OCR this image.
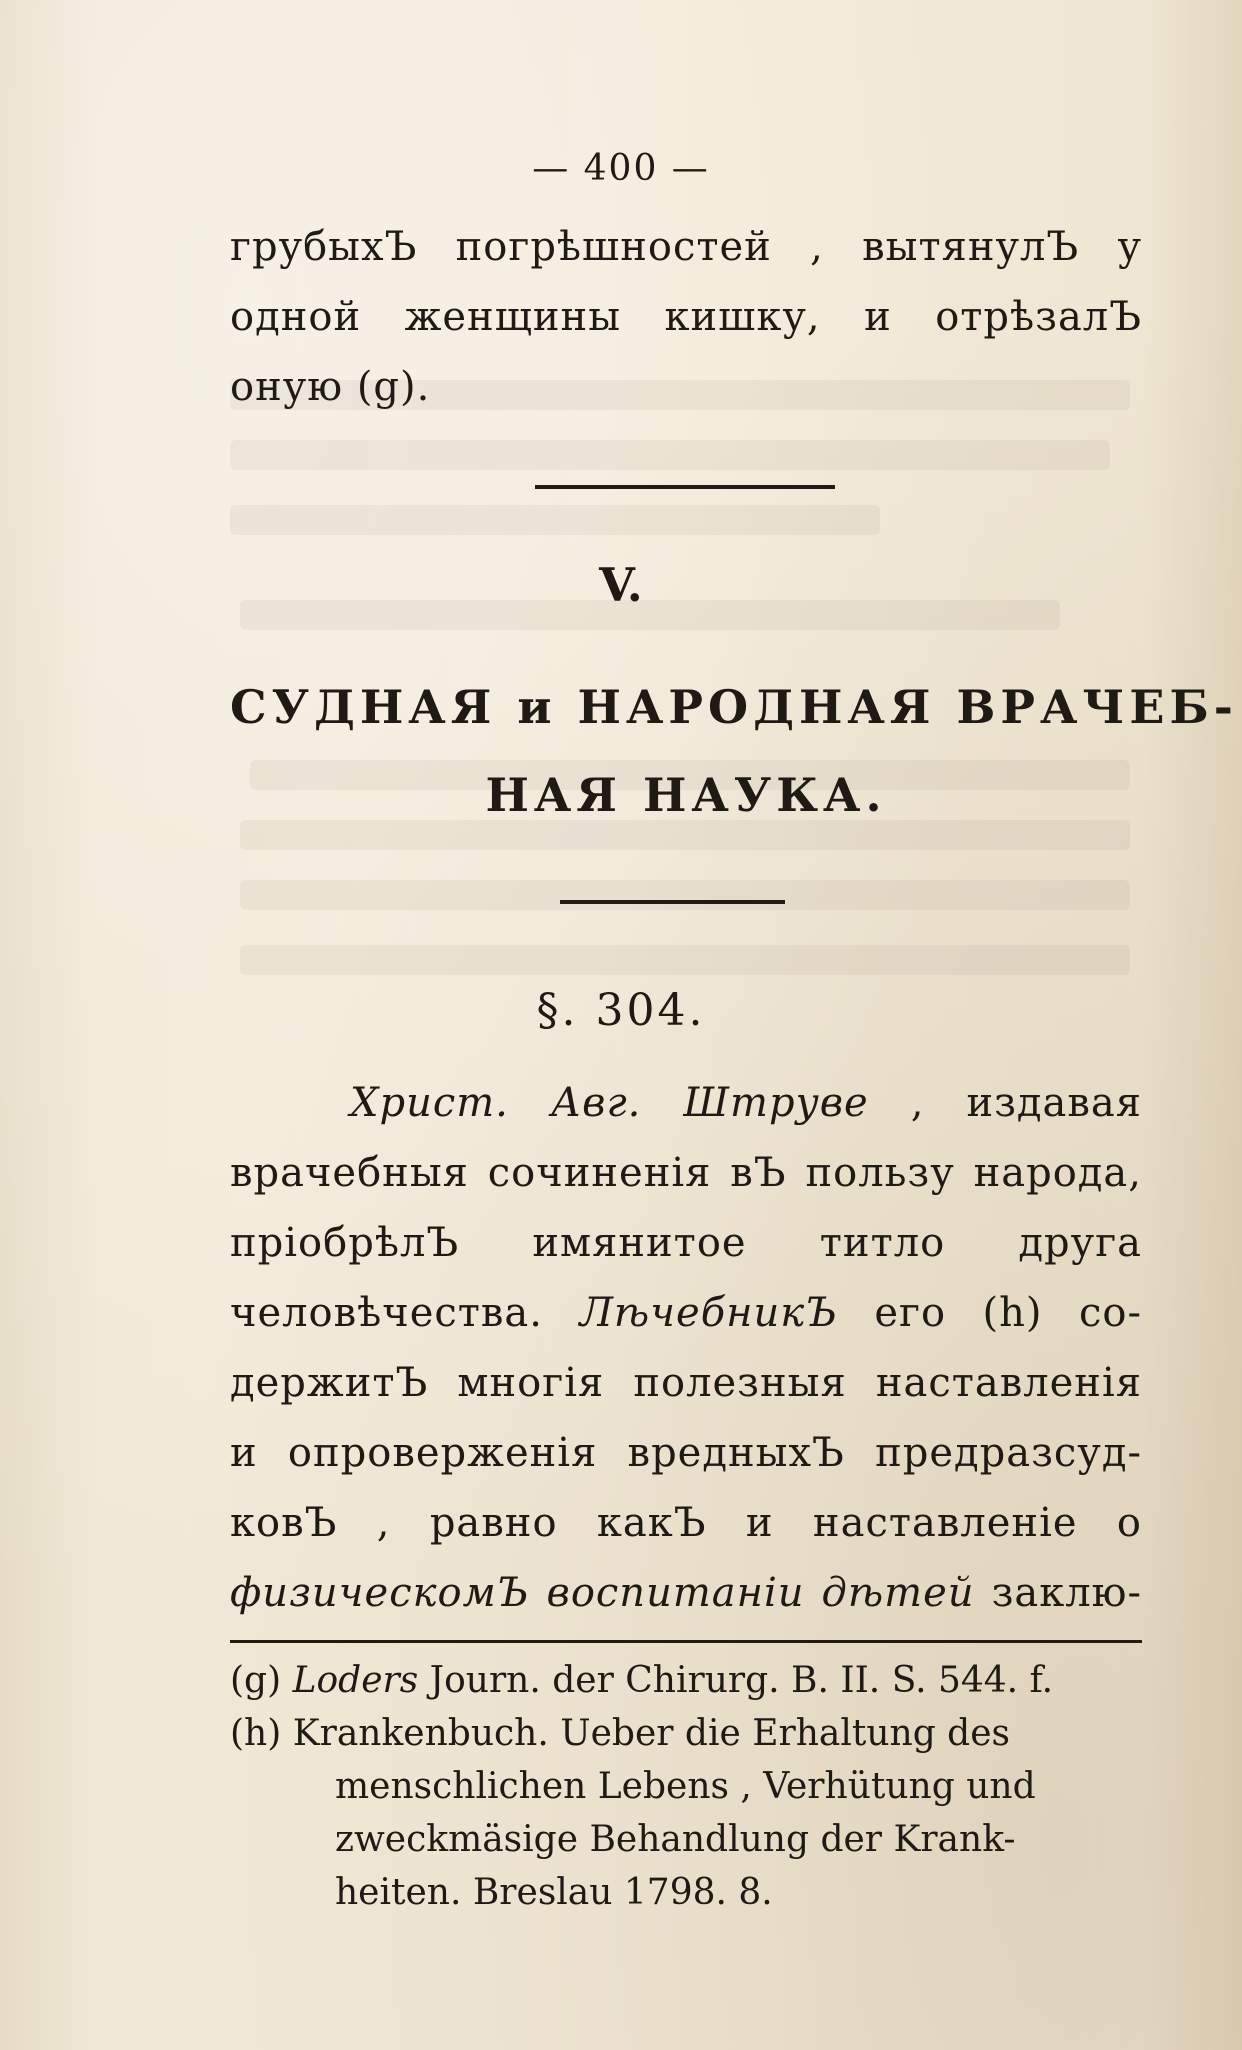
— 400 —
грубыхЪ погрѣшностей , вытянулЪ у
одной женщины кишку, и отрѣзалЪ
оную (g).
V.
СУДНАЯ и НАРОДНАЯ ВРАЧЕБ-
НАЯ НАУКА.
§. 304.
Христ. Авг. Штруве , издавая
врачебныя сочиненія вЪ пользу народа,
пріобрѣлЪ имянитое титло друга
человѣчества. ЛѣчебникЪ его (h) со-
держитЪ многія полезныя наставленія
и опроверженія вредныхЪ предразсуд-
ковЪ , равно какЪ и наставленіе о
физическомЪ воспитаніи дѣтей заклю-
(g) Loders Journ. der Chirurg. B. II. S. 544. f.
(h) Krankenbuch. Ueber die Erhaltung des
menschlichen Lebens , Verhütung und
zweckmäsige Behandlung der Krank-
heiten. Breslau 1798. 8.
